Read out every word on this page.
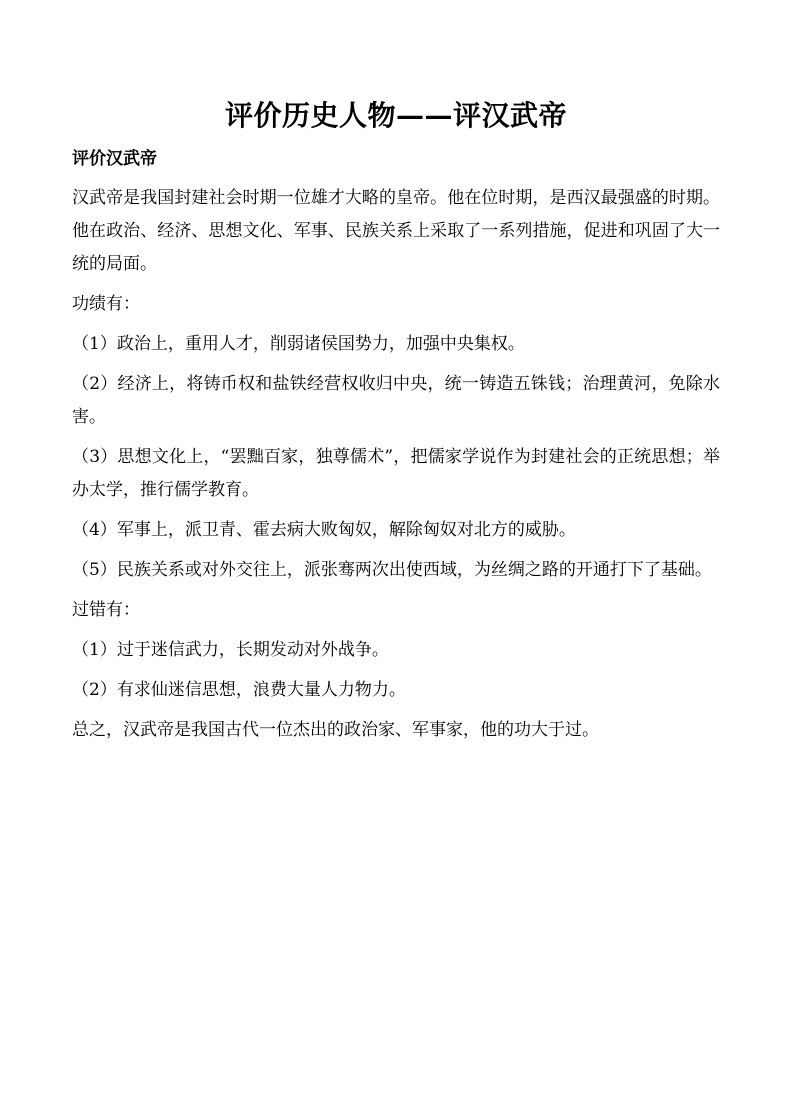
评价历史人物——评汉武帝
评价汉武帝

汉武帝是我国封建社会时期一位雄才大略的皇帝。他在位时期，是西汉最强盛的时期。他在政治、经济、思想文化、军事、民族关系上采取了一系列措施，促进和巩固了大一统的局面。

功绩有：

（1）政治上，重用人才，削弱诸侯国势力，加强中央集权。

（2）经济上，将铸币权和盐铁经营权收归中央，统一铸造五铢钱；治理黄河，免除水害。

（3）思想文化上，“罢黜百家，独尊儒术”，把儒家学说作为封建社会的正统思想；举办太学，推行儒学教育。

（4）军事上，派卫青、霍去病大败匈奴，解除匈奴对北方的威胁。

（5）民族关系或对外交往上，派张骞两次出使西域，为丝绸之路的开通打下了基础。

过错有：

（1）过于迷信武力，长期发动对外战争。

（2）有求仙迷信思想，浪费大量人力物力。

总之，汉武帝是我国古代一位杰出的政治家、军事家，他的功大于过。
